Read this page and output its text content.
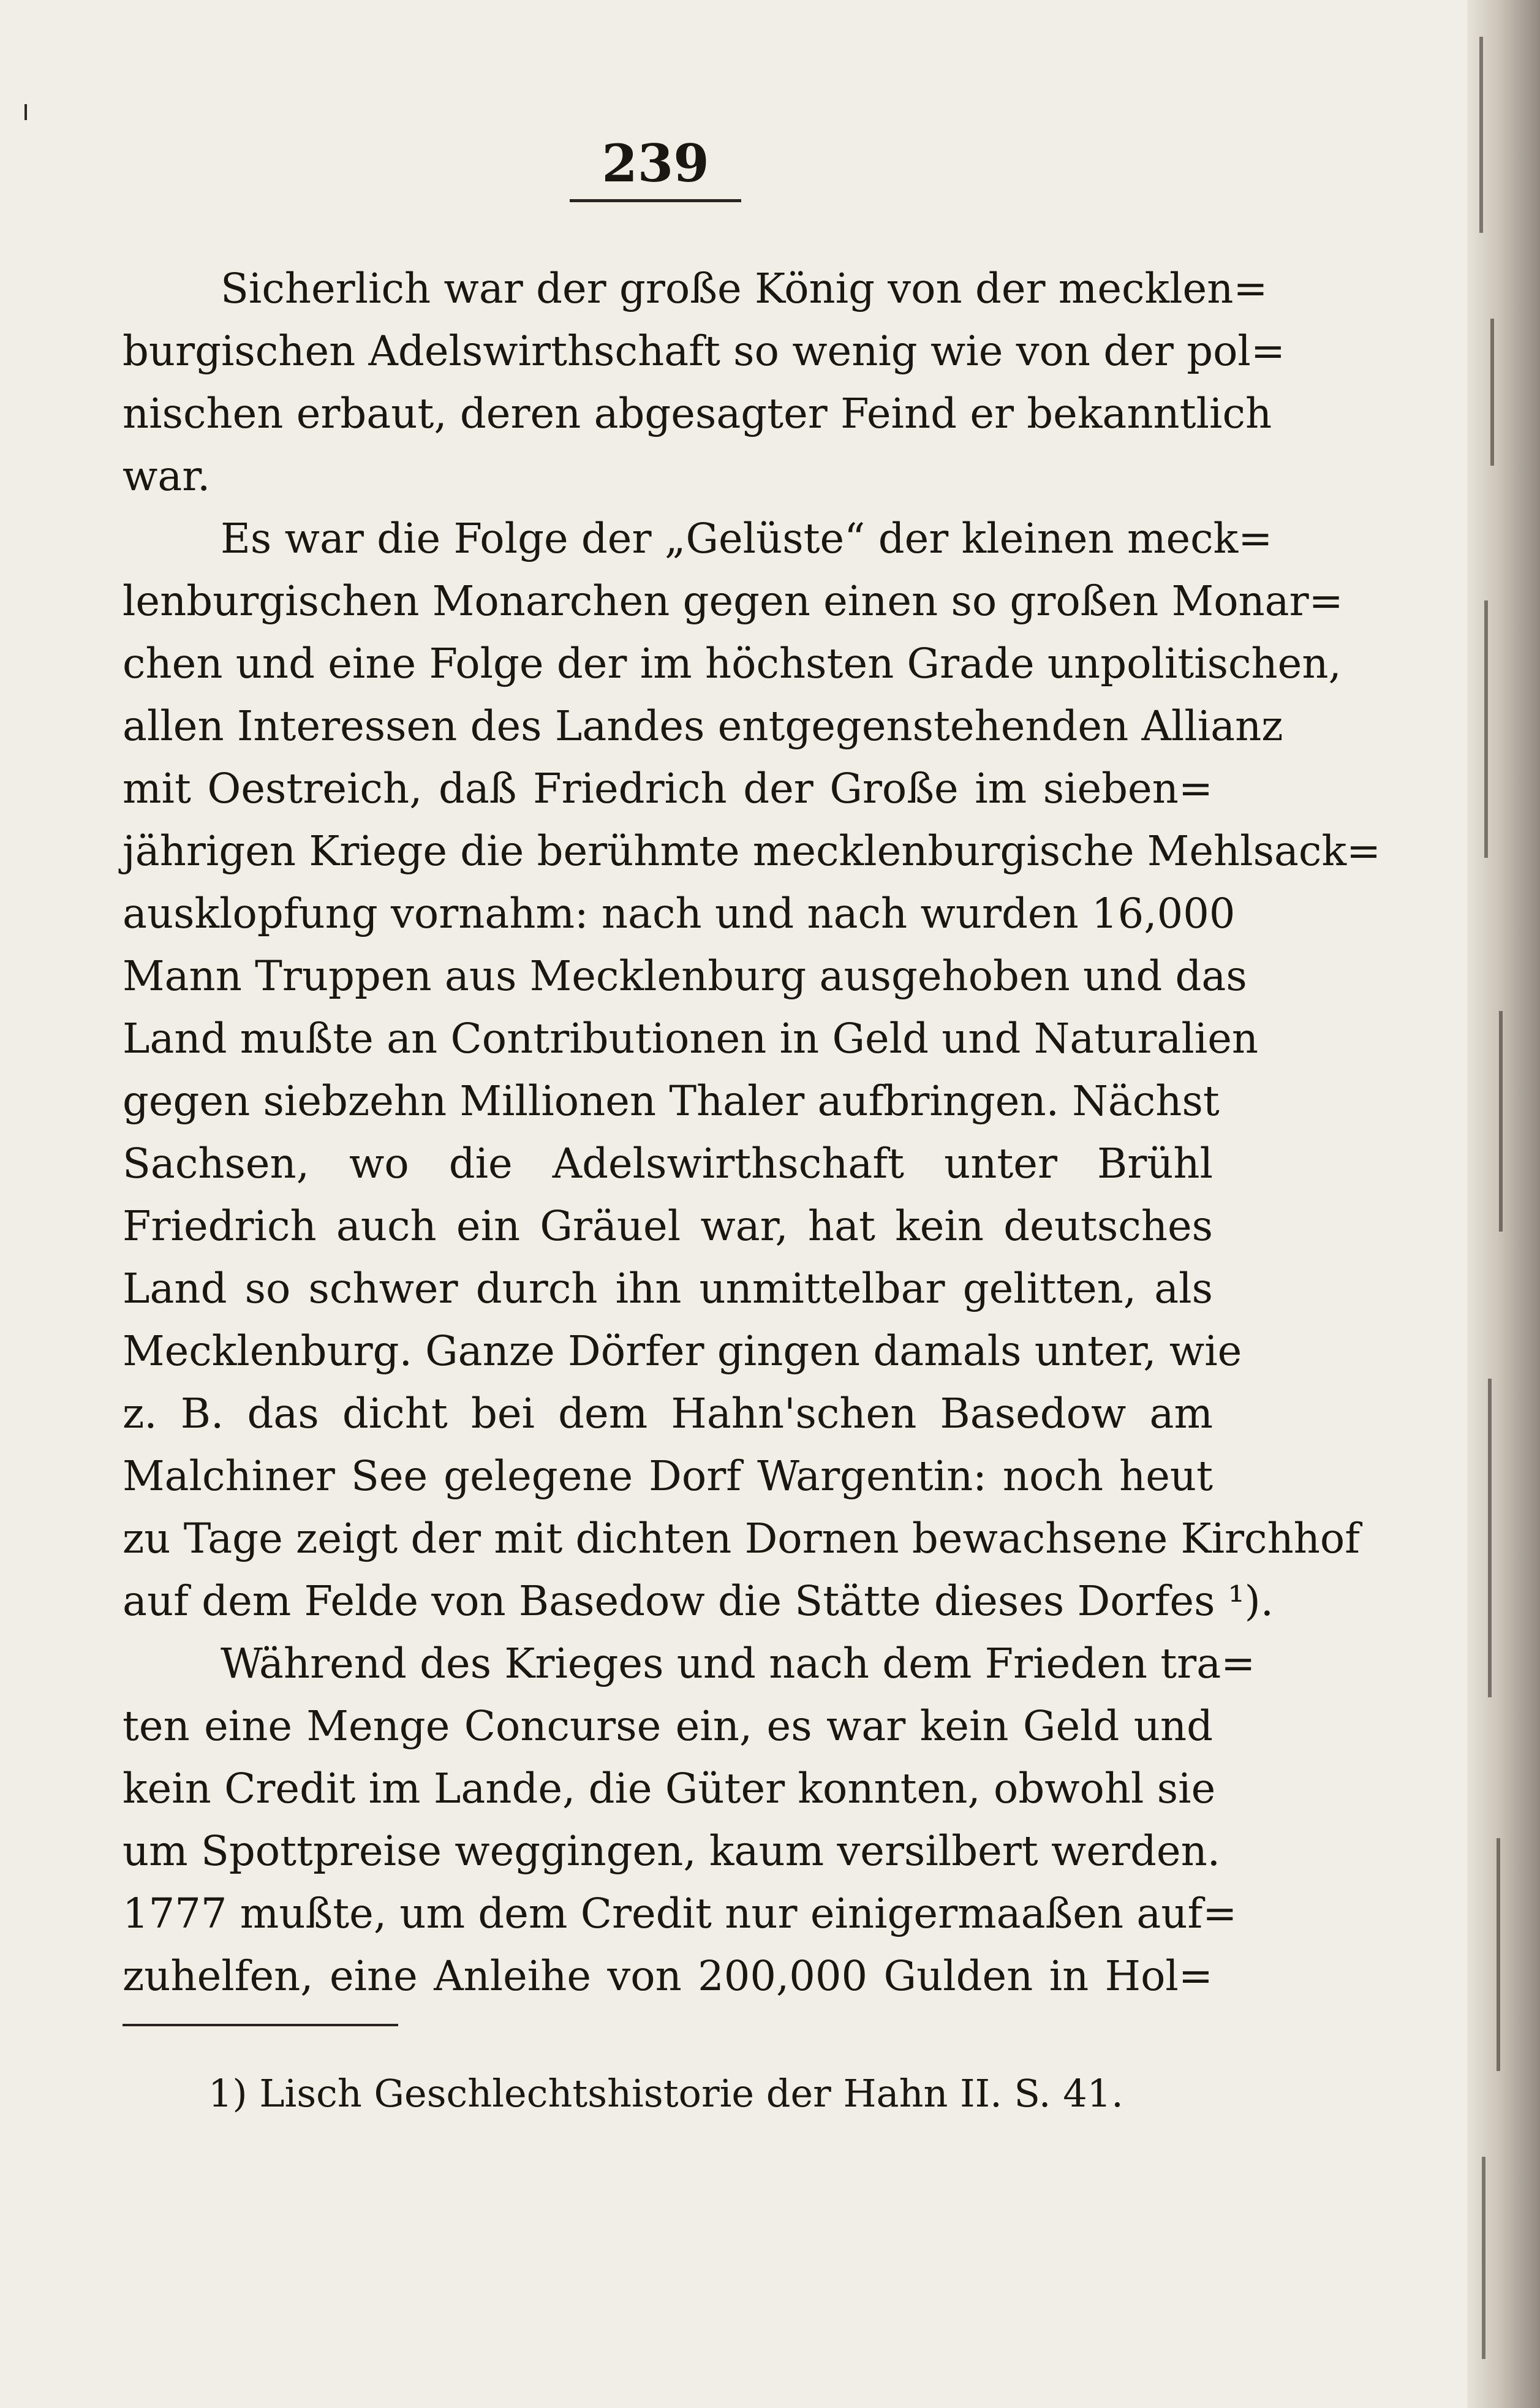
239
Sicherlich war der große König von der mecklen=
burgischen Adelswirthschaft so wenig wie von der pol=
nischen erbaut, deren abgesagter Feind er bekanntlich
war.
Es war die Folge der „Gelüste“ der kleinen meck=
lenburgischen Monarchen gegen einen so großen Monar=
chen und eine Folge der im höchsten Grade unpolitischen,
allen Interessen des Landes entgegenstehenden Allianz
mit Oestreich, daß Friedrich der Große im sieben=
jährigen Kriege die berühmte mecklenburgische Mehlsack=
ausklopfung vornahm: nach und nach wurden 16,000
Mann Truppen aus Mecklenburg ausgehoben und das
Land mußte an Contributionen in Geld und Naturalien
gegen siebzehn Millionen Thaler aufbringen. Nächst
Sachsen, wo die Adelswirthschaft unter Brühl
Friedrich auch ein Gräuel war, hat kein deutsches
Land so schwer durch ihn unmittelbar gelitten, als
Mecklenburg. Ganze Dörfer gingen damals unter, wie
z. B. das dicht bei dem Hahn'schen Basedow am
Malchiner See gelegene Dorf Wargentin: noch heut
zu Tage zeigt der mit dichten Dornen bewachsene Kirchhof
auf dem Felde von Basedow die Stätte dieses Dorfes ¹).
Während des Krieges und nach dem Frieden tra=
ten eine Menge Concurse ein, es war kein Geld und
kein Credit im Lande, die Güter konnten, obwohl sie
um Spottpreise weggingen, kaum versilbert werden.
1777 mußte, um dem Credit nur einigermaaßen auf=
zuhelfen, eine Anleihe von 200,000 Gulden in Hol=
1) Lisch Geschlechtshistorie der Hahn II. S. 41.
